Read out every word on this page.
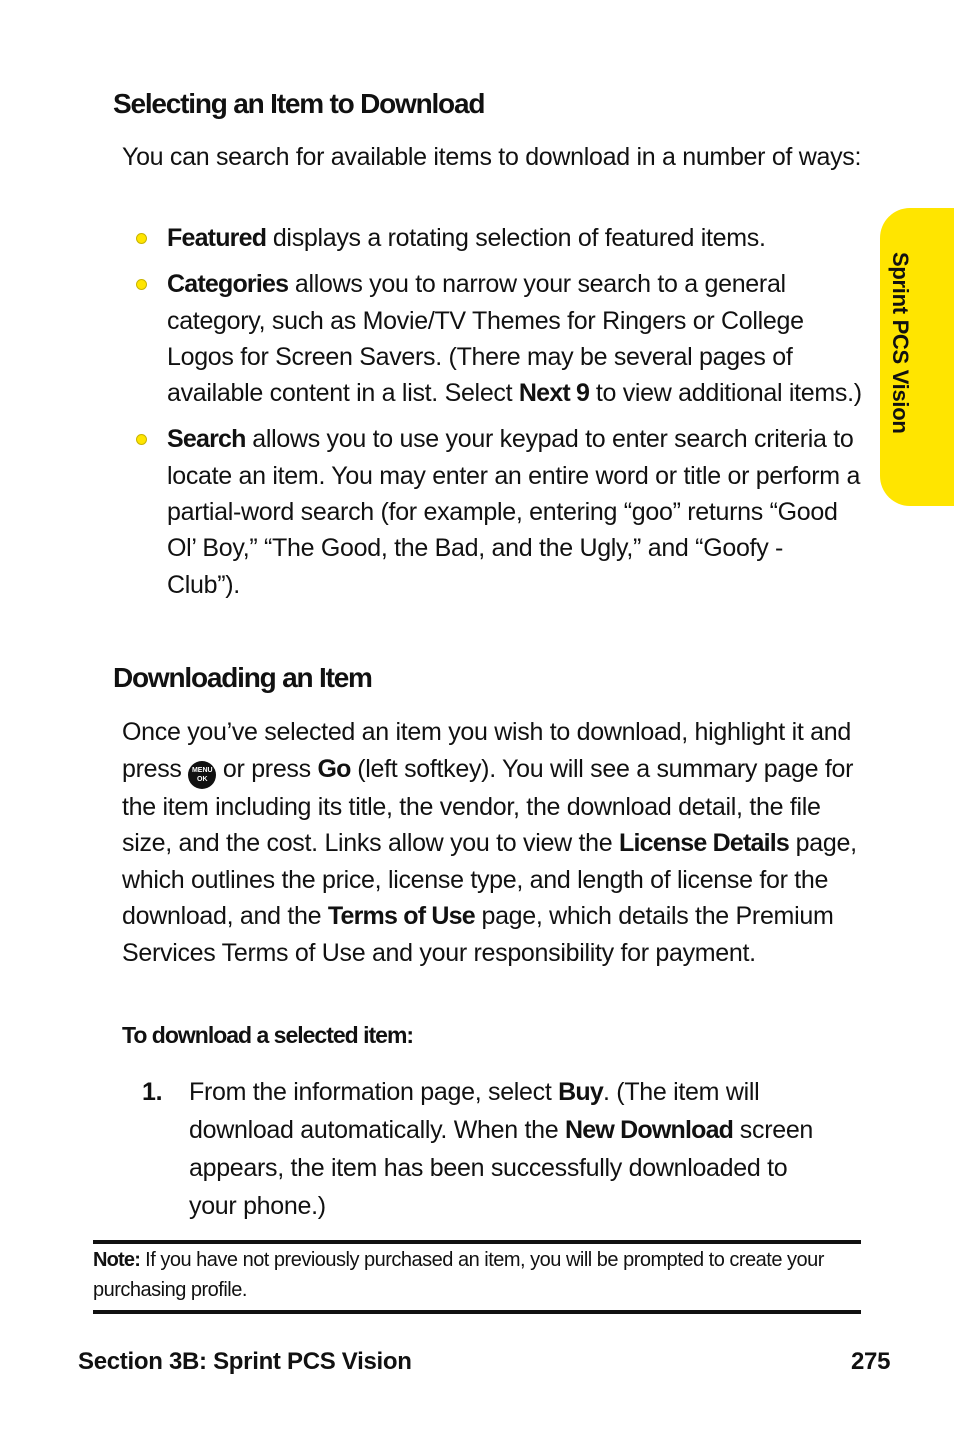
Sprint PCS Vision
Selecting an Item to Download

You can search for available items to download in a number of ways:

Featured displays a rotating selection of featured items.
Categories allows you to narrow your search to a general category, such as Movie/TV Themes for Ringers or College Logos for Screen Savers. (There may be several pages of available content in a list. Select Next 9 to view additional items.)
Search allows you to use your keypad to enter search criteria to locate an item. You may enter an entire word or title or perform a partial-word search (for example, entering “goo” returns “Good Ol’ Boy,” “The Good, the Bad, and the Ugly,” and “Goofy - Club”).
Downloading an Item

Once you’ve selected an item you wish to download, highlight it and press MENU OK or press Go (left softkey). You will see a summary page for the item including its title, the vendor, the download detail, the file size, and the cost. Links allow you to view the License Details page, which outlines the price, license type, and length of license for the download, and the Terms of Use page, which details the Premium Services Terms of Use and your responsibility for payment.

To download a selected item:
1. From the information page, select Buy. (The item will download automatically. When the New Download screen appears, the item has been successfully downloaded to your phone.)
Note: If you have not previously purchased an item, you will be prompted to create your purchasing profile.
Section 3B: Sprint PCS Vision	275
